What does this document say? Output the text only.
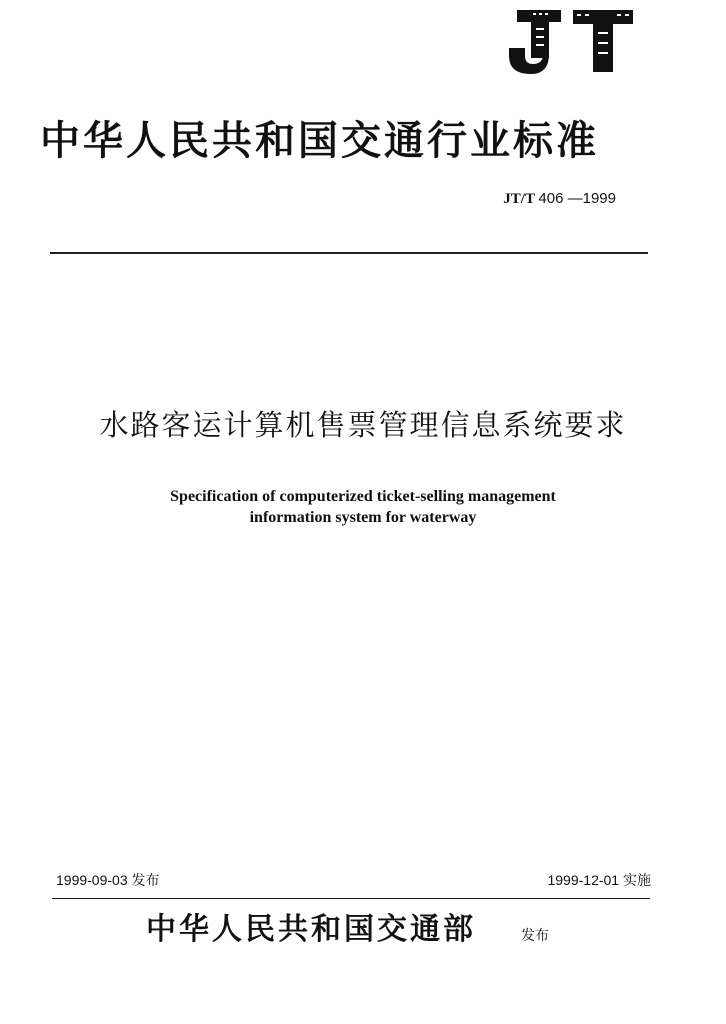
中华人民共和国交通行业标准
JT/T 406 —1999
水路客运计算机售票管理信息系统要求
Specification of computerized ticket-selling management
information system for waterway
1999-09-03 发布	1999-12-01 实施
中华人民共和国交通部	发布
